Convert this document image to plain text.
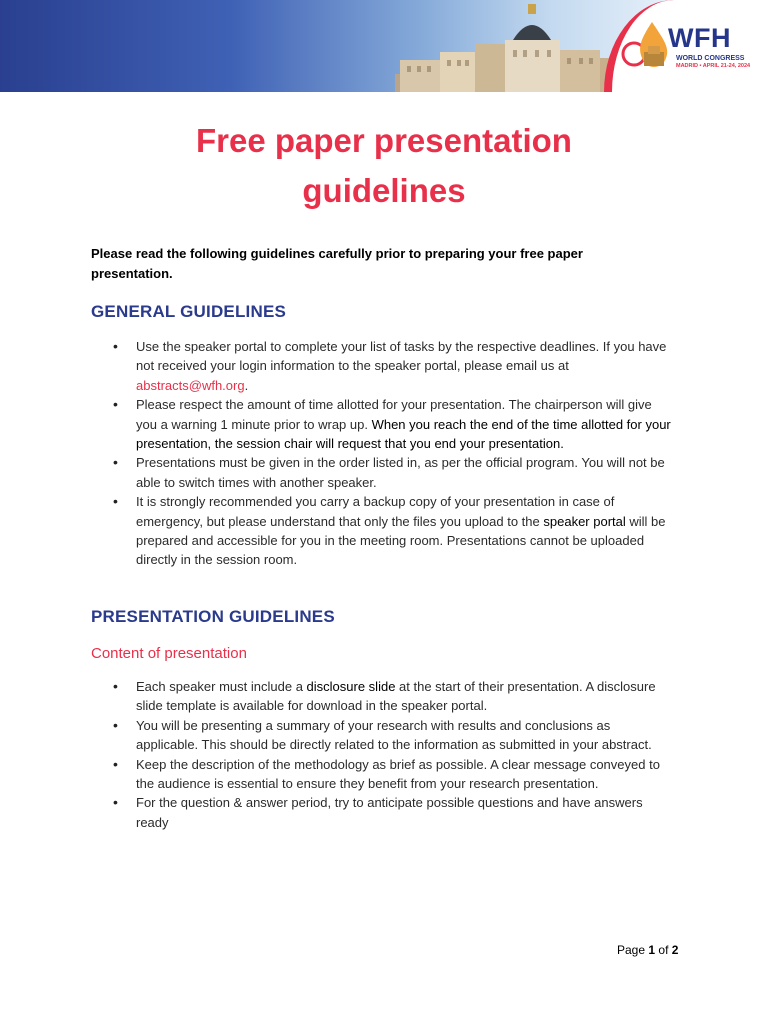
WFH
WORLD CONGRESS
MADRID • APRIL 21-24, 2024
Free paper presentation
guidelines
Please read the following guidelines carefully prior to preparing your free paper presentation.
GENERAL GUIDELINES
• Use the speaker portal to complete your list of tasks by the respective deadlines. If you have not received your login information to the speaker portal, please email us at abstracts@wfh.org.
• Please respect the amount of time allotted for your presentation. The chairperson will give you a warning 1 minute prior to wrap up. When you reach the end of the time allotted for your presentation, the session chair will request that you end your presentation.
• Presentations must be given in the order listed in, as per the official program. You will not be able to switch times with another speaker.
• It is strongly recommended you carry a backup copy of your presentation in case of emergency, but please understand that only the files you upload to the speaker portal will be prepared and accessible for you in the meeting room. Presentations cannot be uploaded directly in the session room.
PRESENTATION GUIDELINES
Content of presentation
• Each speaker must include a disclosure slide at the start of their presentation. A disclosure slide template is available for download in the speaker portal.
• You will be presenting a summary of your research with results and conclusions as applicable. This should be directly related to the information as submitted in your abstract.
• Keep the description of the methodology as brief as possible. A clear message conveyed to the audience is essential to ensure they benefit from your research presentation.
• For the question & answer period, try to anticipate possible questions and have answers ready
Page 1 of 2
